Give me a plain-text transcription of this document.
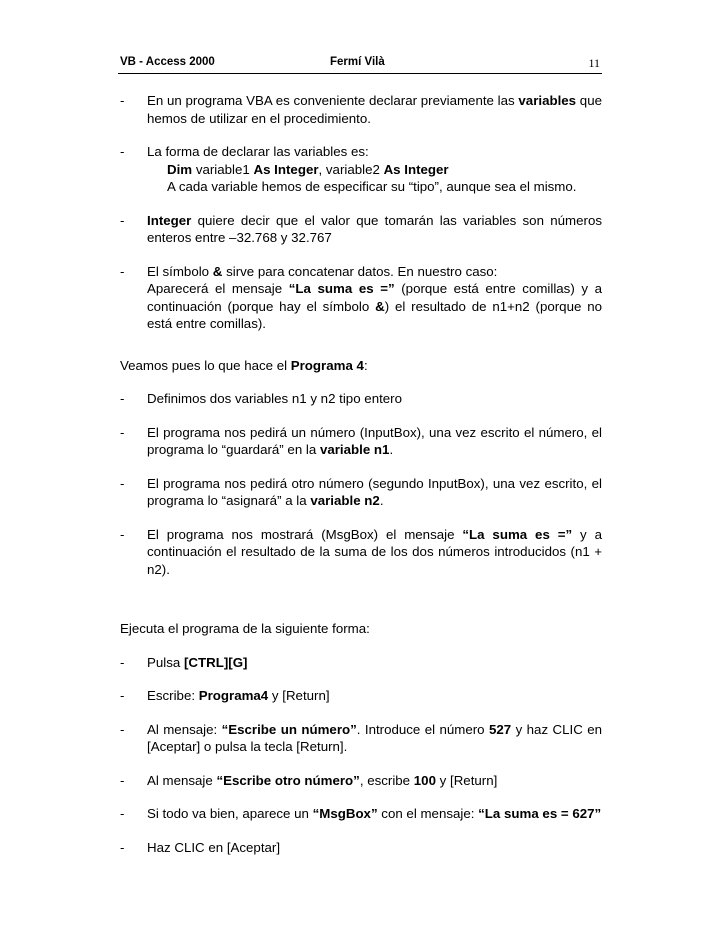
VB - Access 2000	Fermí Vilà	11
-	En un programa VBA es conveniente declarar previamente las variables que hemos de utilizar en el procedimiento.
-	La forma de declarar las variables es:
Dim variable1 As Integer, variable2 As Integer
A cada variable hemos de especificar su “tipo”, aunque sea el mismo.
-	Integer quiere decir que el valor que tomarán las variables son números enteros entre –32.768 y 32.767
-	El símbolo & sirve para concatenar datos. En nuestro caso:
Aparecerá el mensaje “La suma es =” (porque está entre comillas) y a continuación (porque hay el símbolo &) el resultado de n1+n2 (porque no está entre comillas).
Veamos pues lo que hace el Programa 4:
-	Definimos dos variables n1 y n2 tipo entero
-	El programa nos pedirá un número (InputBox), una vez escrito el número, el programa lo “guardará” en la variable n1.
-	El programa nos pedirá otro número (segundo InputBox), una vez escrito, el programa lo “asignará” a la variable n2.
-	El programa nos mostrará (MsgBox) el mensaje “La suma es =” y a continuación el resultado de la suma de los dos números introducidos (n1 + n2).
Ejecuta el programa de la siguiente forma:
-	Pulsa [CTRL][G]
-	Escribe: Programa4 y [Return]
-	Al mensaje: “Escribe un número”. Introduce el número 527 y haz CLIC en [Aceptar] o pulsa la tecla [Return].
-	Al mensaje “Escribe otro número”, escribe 100 y [Return]
-	Si todo va bien, aparece un “MsgBox” con el mensaje: “La suma es = 627”
-	Haz CLIC en [Aceptar]
